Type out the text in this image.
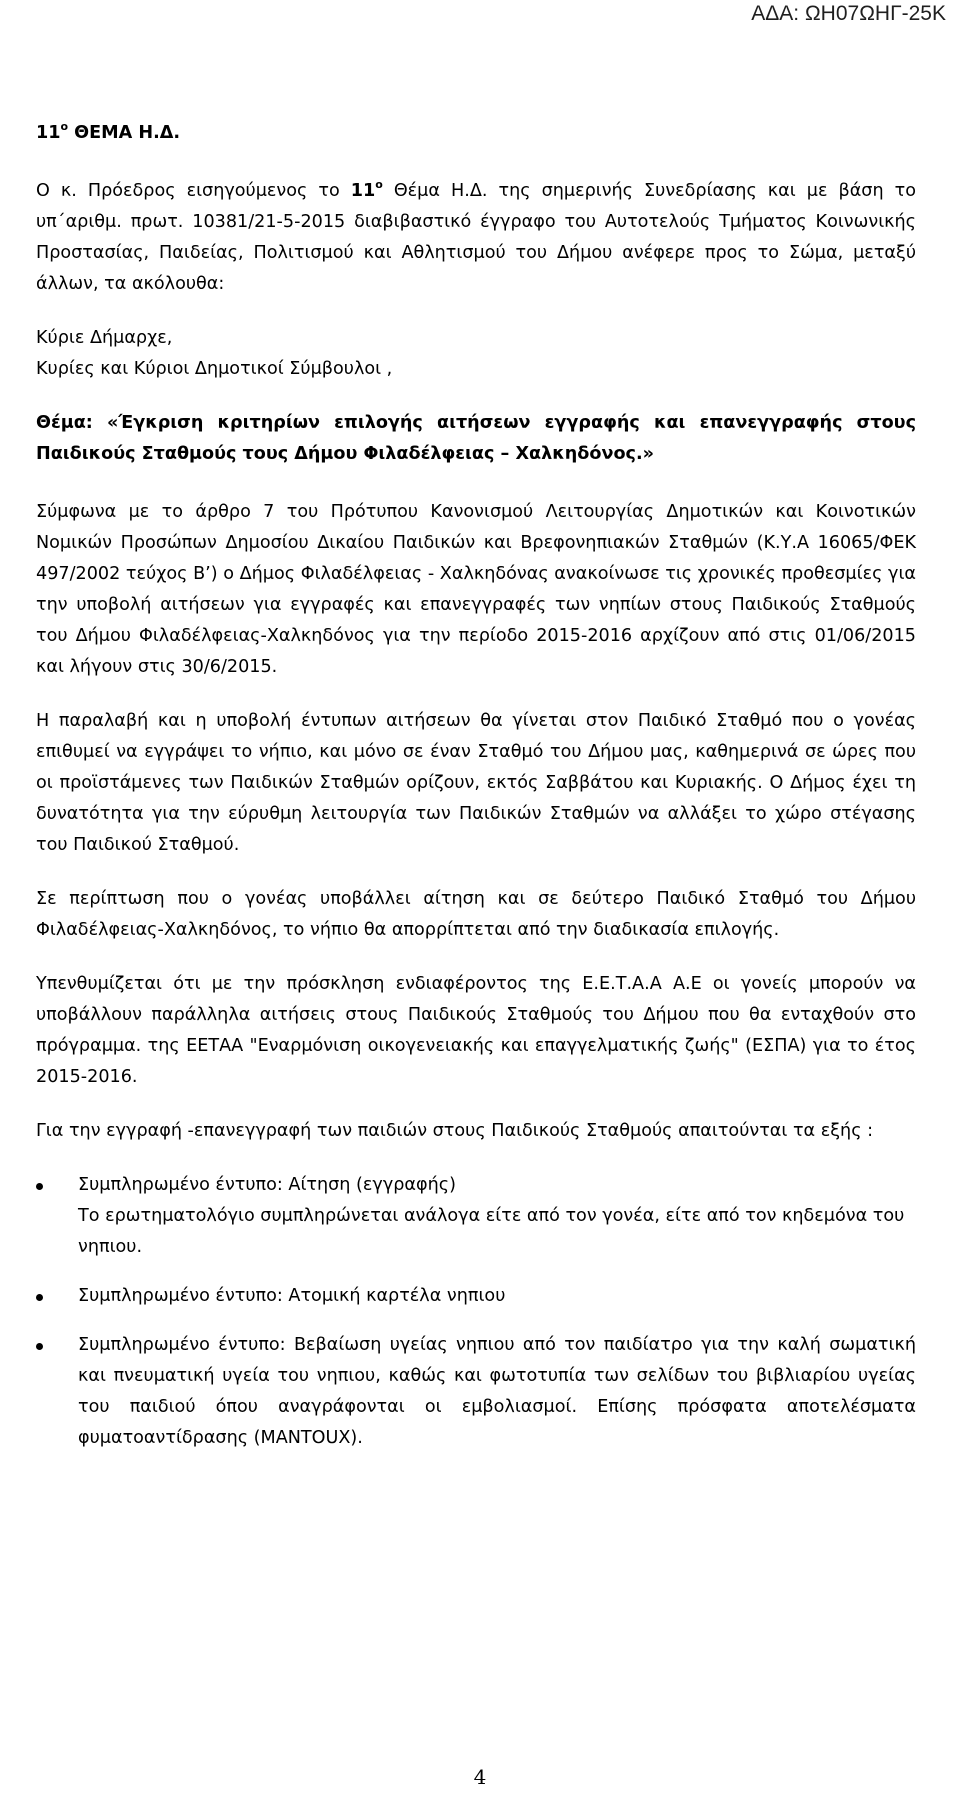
ΑΔΑ: ΩΗ07ΩΗΓ-25Κ

$11^o$ ΘΕΜΑ Η.Δ.

Ο κ. Πρόεδρος εισηγούμενος το $11^o$ Θέμα Η.Δ. της σημερινής Συνεδρίασης και με βάση το υπ΄αριθμ. πρωτ. 10381/21-5-2015 διαβιβαστικό έγγραφο του Αυτοτελούς Τμήματος Κοινωνικής Προστασίας, Παιδείας, Πολιτισμού και Αθλητισμού του Δήμου ανέφερε προς το Σώμα, μεταξύ άλλων, τα ακόλουθα:

Κύριε Δήμαρχε,

Κυρίες και Κύριοι Δημοτικοί Σύμβουλοι ,

Θέμα: «Έγκριση κριτηρίων επιλογής αιτήσεων εγγραφής και επανεγγραφής στους Παιδικούς Σταθμούς τους Δήμου Φιλαδέλφειας – Χαλκηδόνος.»

Σύμφωνα με το άρθρο 7 του Πρότυπου Κανονισμού Λειτουργίας Δημοτικών και Κοινοτικών Νομικών Προσώπων Δημοσίου Δικαίου Παιδικών και Βρεφονηπιακών Σταθμών (Κ.Υ.Α 16065/ΦΕΚ 497/2002 τεύχος Β’) ο Δήμος Φιλαδέλφειας - Χαλκηδόνας ανακοίνωσε τις χρονικές προθεσμίες για την υποβολή αιτήσεων για εγγραφές και επανεγγραφές των νηπίων στους Παιδικούς Σταθμούς του Δήμου Φιλαδέλφειας-Χαλκηδόνος για την περίοδο 2015-2016 αρχίζουν από στις 01/06/2015 και λήγουν στις 30/6/2015.

Η παραλαβή και η υποβολή έντυπων αιτήσεων θα γίνεται στον Παιδικό Σταθμό που ο γονέας επιθυμεί να εγγράψει το νήπιο, και μόνο σε έναν Σταθμό του Δήμου μας, καθημερινά σε ώρες που οι προϊστάμενες των Παιδικών Σταθμών ορίζουν, εκτός Σαββάτου και Κυριακής. Ο Δήμος έχει τη δυνατότητα για την εύρυθμη λειτουργία των Παιδικών Σταθμών να αλλάξει το χώρο στέγασης του Παιδικού Σταθμού.

Σε περίπτωση που ο γονέας υποβάλλει αίτηση και σε δεύτερο Παιδικό Σταθμό του Δήμου Φιλαδέλφειας-Χαλκηδόνος, το νήπιο θα απορρίπτεται από την διαδικασία επιλογής.

Υπενθυμίζεται ότι με την πρόσκληση ενδιαφέροντος της Ε.Ε.Τ.Α.Α Α.Ε οι γονείς μπορούν να υποβάλλουν παράλληλα αιτήσεις στους Παιδικούς Σταθμούς του Δήμου που θα ενταχθούν στο πρόγραμμα. της ΕΕΤΑΑ "Εναρμόνιση οικογενειακής και επαγγελματικής ζωής" (ΕΣΠΑ) για το έτος 2015-2016.

Για την εγγραφή -επανεγγραφή των παιδιών στους Παιδικούς Σταθμούς απαιτούνται τα εξής :

Συμπληρωμένο έντυπο: Αίτηση (εγγραφής)
Το ερωτηματολόγιο συμπληρώνεται ανάλογα είτε από τον γονέα, είτε από τον κηδεμόνα του νηπιου.
Συμπληρωμένο έντυπο: Ατομική καρτέλα νηπιου
Συμπληρωμένο έντυπο: Βεβαίωση υγείας νηπιου από τον παιδίατρο για την καλή σωματική και πνευματική υγεία του νηπιου, καθώς και φωτοτυπία των σελίδων του βιβλιαρίου υγείας του παιδιού όπου αναγράφονται οι εμβολιασμοί. Επίσης πρόσφατα αποτελέσματα φυματοαντίδρασης (MANTOUX).
4
